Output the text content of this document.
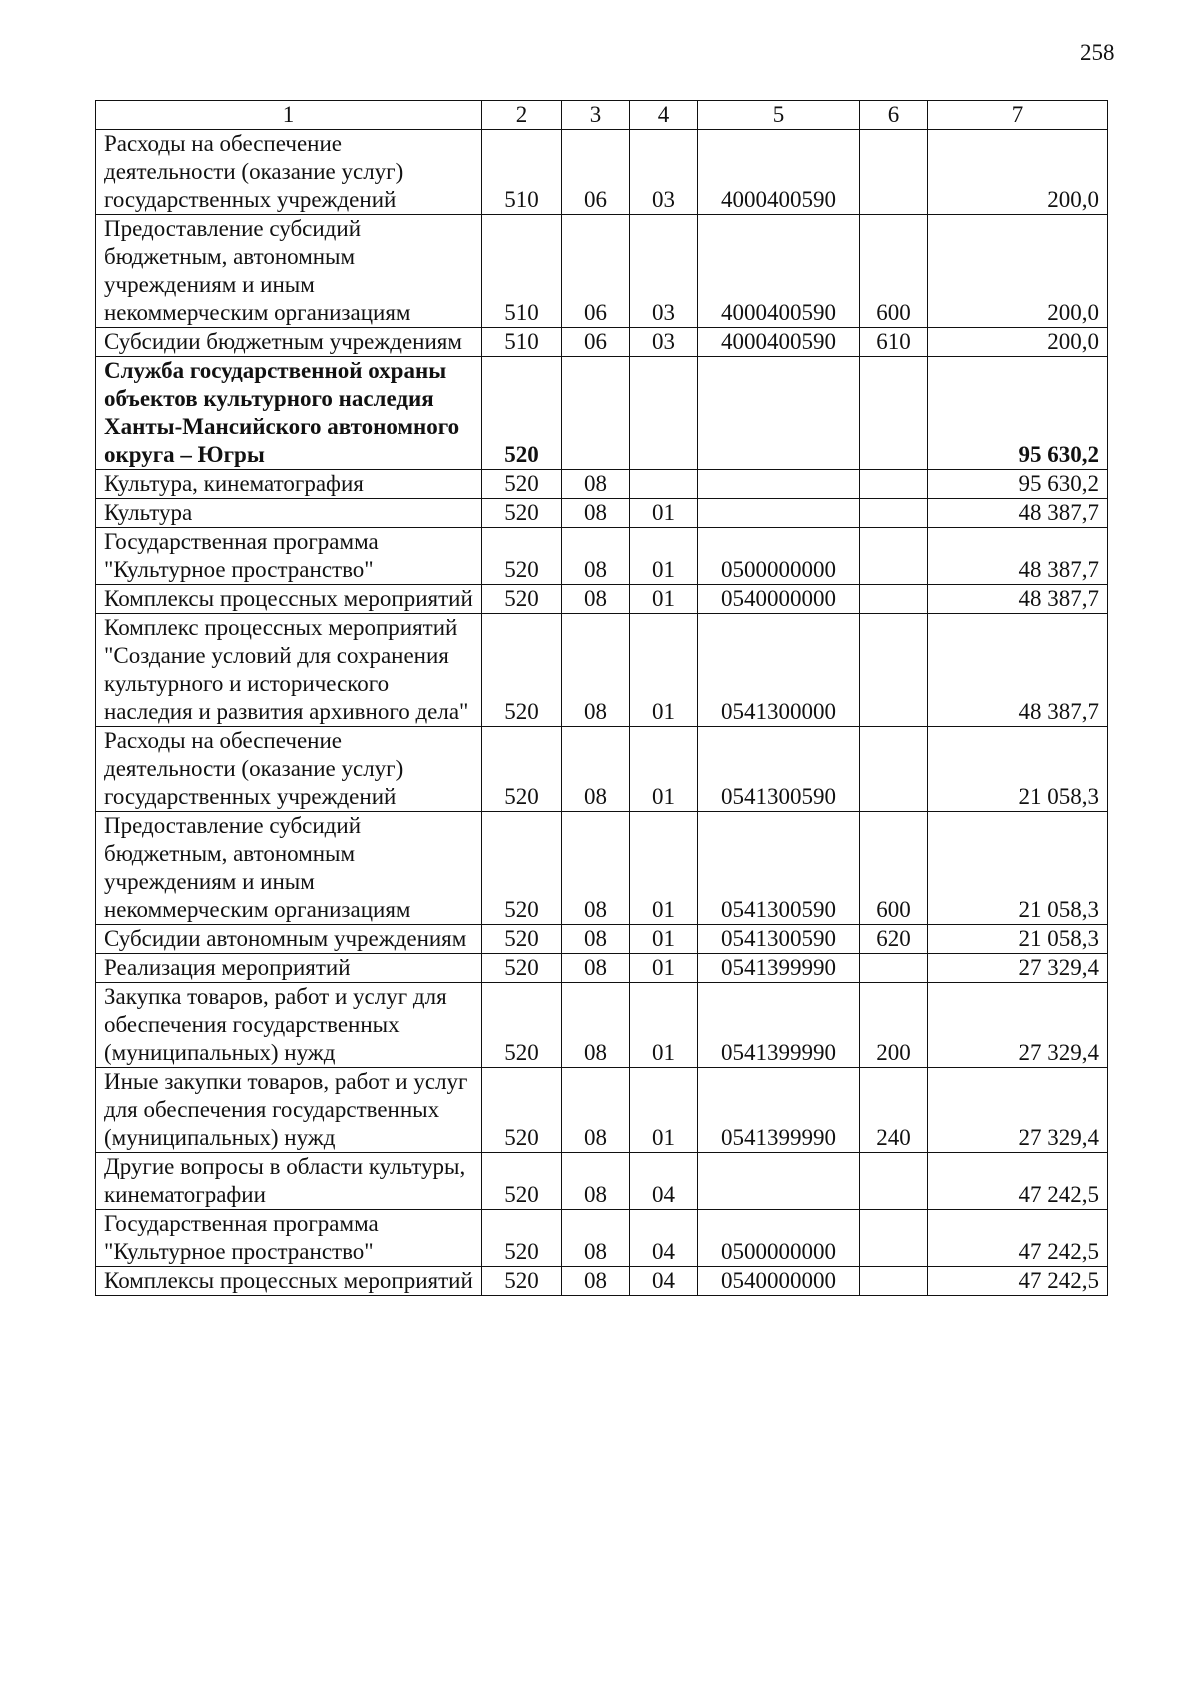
258
1	2	3	4	5	6	7
Расходы на обеспечение деятельности (оказание услуг) государственных учреждений	510	06	03	4000400590		200,0
Предоставление субсидий бюджетным, автономным учреждениям и иным некоммерческим организациям	510	06	03	4000400590	600	200,0
Субсидии бюджетным учреждениям	510	06	03	4000400590	610	200,0
Служба государственной охраны объектов культурного наследия Ханты-Мансийского автономного округа – Югры	520					95 630,2
Культура, кинематография	520	08				95 630,2
Культура	520	08	01			48 387,7
Государственная программа "Культурное пространство"	520	08	01	0500000000		48 387,7
Комплексы процессных мероприятий	520	08	01	0540000000		48 387,7
Комплекс процессных мероприятий "Создание условий для сохранения культурного и исторического наследия и развития архивного дела"	520	08	01	0541300000		48 387,7
Расходы на обеспечение деятельности (оказание услуг) государственных учреждений	520	08	01	0541300590		21 058,3
Предоставление субсидий бюджетным, автономным учреждениям и иным некоммерческим организациям	520	08	01	0541300590	600	21 058,3
Субсидии автономным учреждениям	520	08	01	0541300590	620	21 058,3
Реализация мероприятий	520	08	01	0541399990		27 329,4
Закупка товаров, работ и услуг для обеспечения государственных (муниципальных) нужд	520	08	01	0541399990	200	27 329,4
Иные закупки товаров, работ и услуг для обеспечения государственных (муниципальных) нужд	520	08	01	0541399990	240	27 329,4
Другие вопросы в области культуры, кинематографии	520	08	04			47 242,5
Государственная программа "Культурное пространство"	520	08	04	0500000000		47 242,5
Комплексы процессных мероприятий	520	08	04	0540000000		47 242,5
